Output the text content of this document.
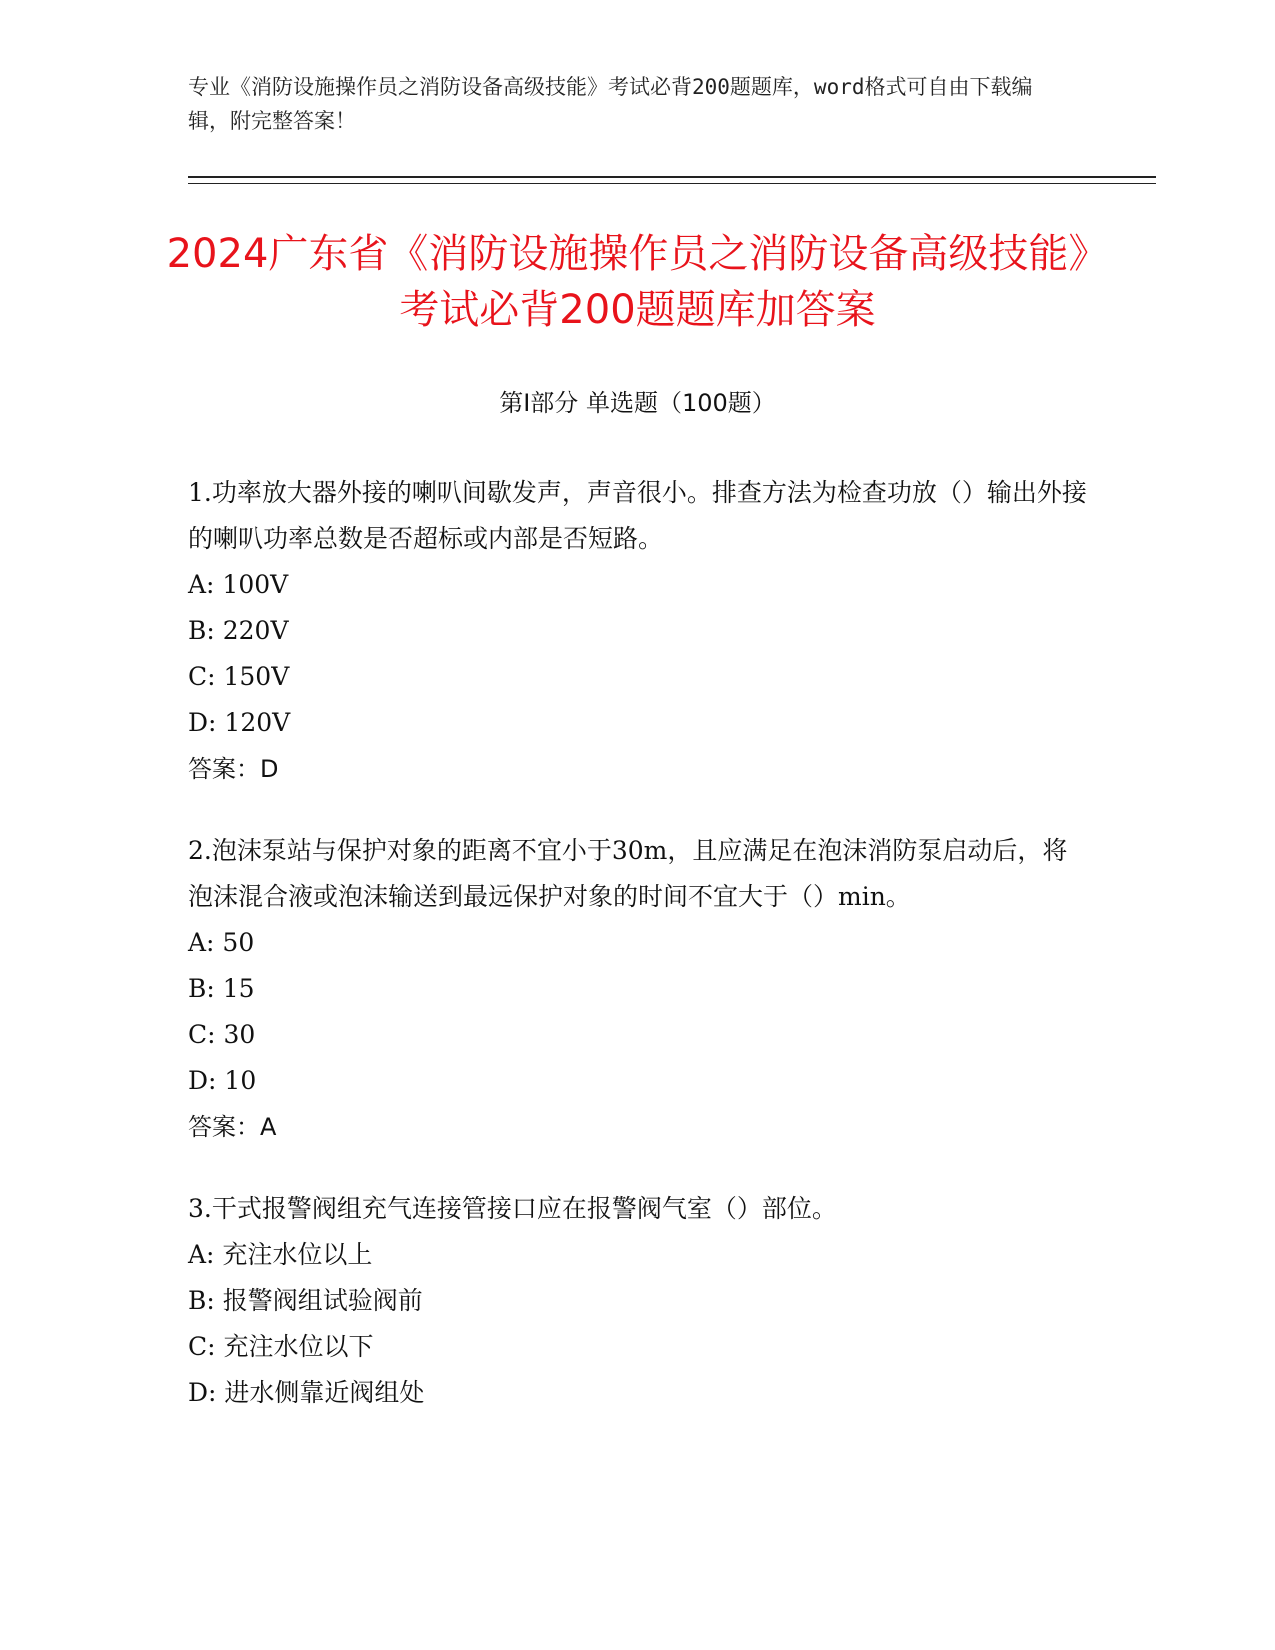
专业《消防设施操作员之消防设备高级技能》考试必背200题题库，word格式可自由下载编辑，附完整答案！
2024广东省《消防设施操作员之消防设备高级技能》考试必背200题题库加答案
第I部分 单选题（100题）
1.功率放大器外接的喇叭间歇发声，声音很小。排查方法为检查功放（）输出外接的喇叭功率总数是否超标或内部是否短路。
A: 100V
B: 220V
C: 150V
D: 120V
答案：D
2.泡沫泵站与保护对象的距离不宜小于30m，且应满足在泡沫消防泵启动后，将泡沫混合液或泡沫输送到最远保护对象的时间不宜大于（）min。
A: 50
B: 15
C: 30
D: 10
答案：A
3.干式报警阀组充气连接管接口应在报警阀气室（）部位。
A: 充注水位以上
B: 报警阀组试验阀前
C: 充注水位以下
D: 进水侧靠近阀组处
